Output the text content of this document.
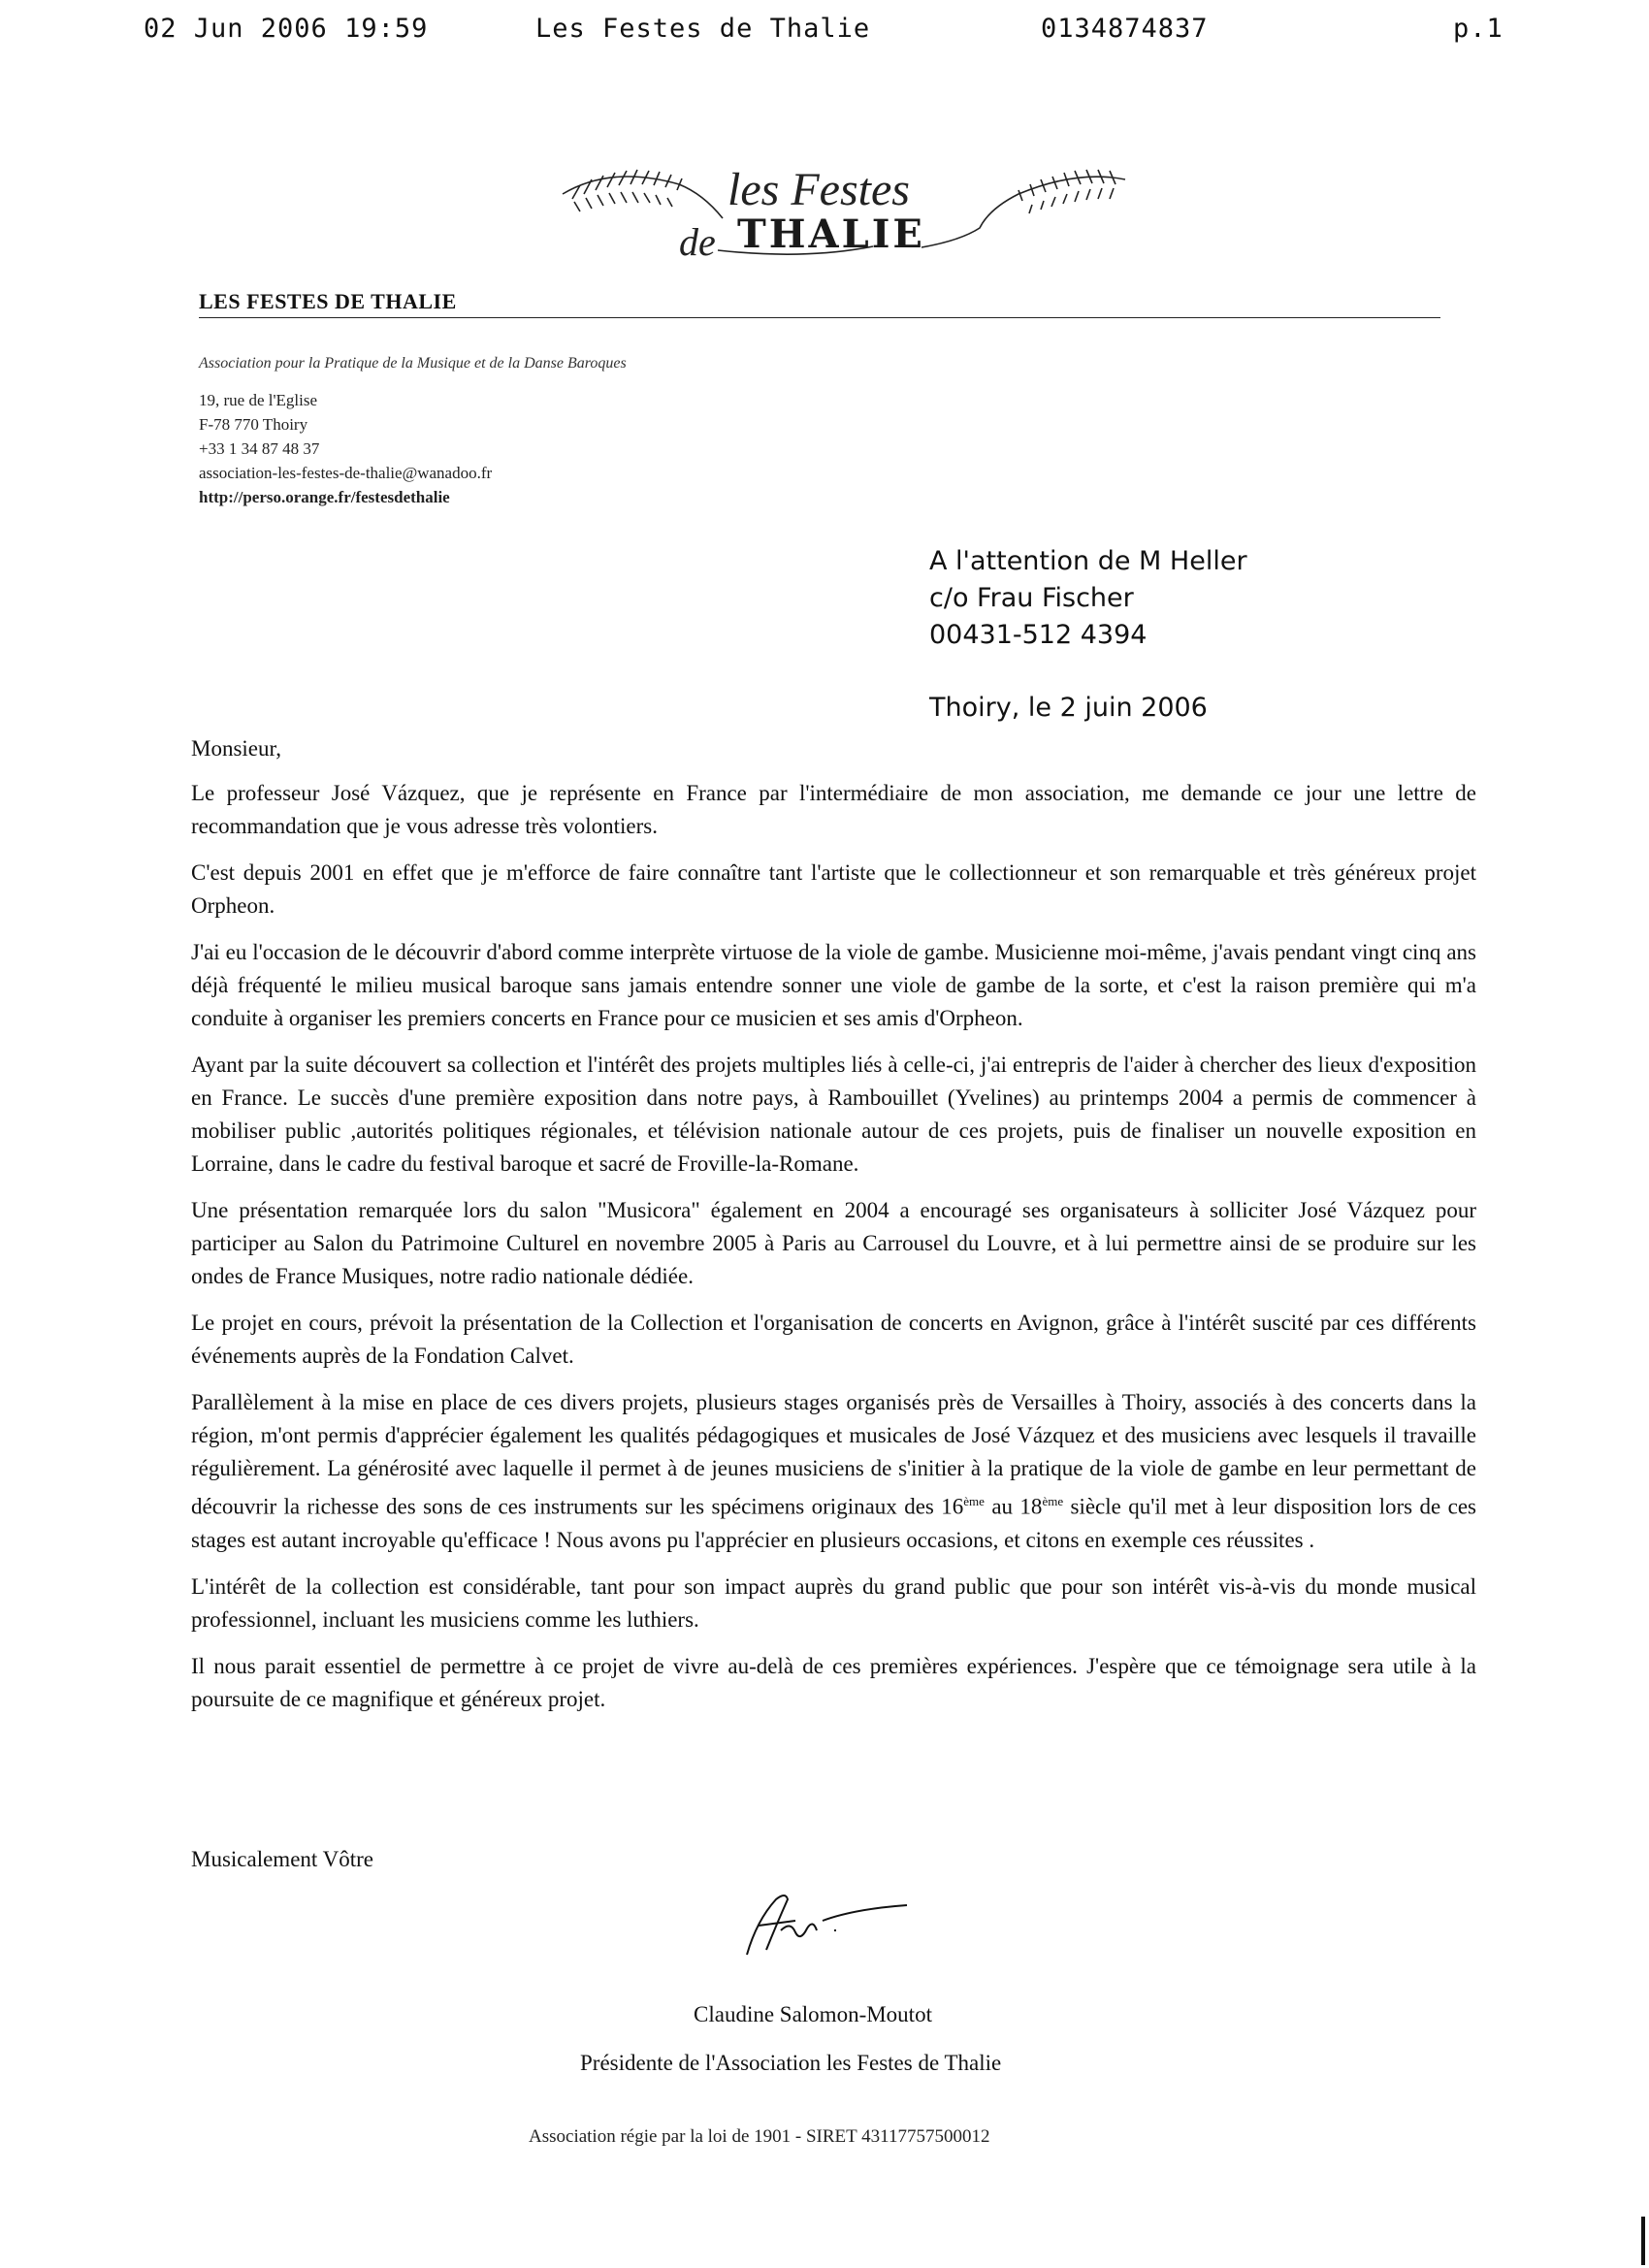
02 Jun 2006 19:59	Les Festes de Thalie	0134874837	p.1
les Festes
de THALIE
LES FESTES DE THALIE
Association pour la Pratique de la Musique et de la Danse Baroques
19, rue de l'Eglise
F-78 770 Thoiry
+33 1 34 87 48 37
association-les-festes-de-thalie@wanadoo.fr
http://perso.orange.fr/festesdethalie
A l'attention de M Heller
c/o Frau Fischer
00431-512 4394
Thoiry, le 2 juin 2006

Monsieur,

Le professeur José Vázquez, que je représente en France par l'intermédiaire de mon association, me demande ce jour une lettre de recommandation que je vous adresse très volontiers.

C'est depuis 2001 en effet que je m'efforce de faire connaître tant l'artiste que le collectionneur et son remarquable et très généreux projet Orpheon.

J'ai eu l'occasion de le découvrir d'abord comme interprète virtuose de la viole de gambe. Musicienne moi-même, j'avais pendant vingt cinq ans déjà fréquenté le milieu musical baroque sans jamais entendre sonner une viole de gambe de la sorte, et c'est la raison première qui m'a conduite à organiser les premiers concerts en France pour ce musicien et ses amis d'Orpheon.

Ayant par la suite découvert sa collection et l'intérêt des projets multiples liés à celle-ci, j'ai entrepris de l'aider à chercher des lieux d'exposition en France. Le succès d'une première exposition dans notre pays, à Rambouillet (Yvelines) au printemps 2004 a permis de commencer à mobiliser public ,autorités politiques régionales, et télévision nationale autour de ces projets, puis de finaliser un nouvelle exposition en Lorraine, dans le cadre du festival baroque et sacré de Froville-la-Romane.

Une présentation remarquée lors du salon "Musicora" également en 2004 a encouragé ses organisateurs à solliciter José Vázquez pour participer au Salon du Patrimoine Culturel en novembre 2005 à Paris au Carrousel du Louvre, et à lui permettre ainsi de se produire sur les ondes de France Musiques, notre radio nationale dédiée.

Le projet en cours, prévoit la présentation de la Collection et l'organisation de concerts en Avignon, grâce à l'intérêt suscité par ces différents événements auprès de la Fondation Calvet.

Parallèlement à la mise en place de ces divers projets, plusieurs stages organisés près de Versailles à Thoiry, associés à des concerts dans la région, m'ont permis d'apprécier également les qualités pédagogiques et musicales de José Vázquez et des musiciens avec lesquels il travaille régulièrement. La générosité avec laquelle il permet à de jeunes musiciens de s'initier à la pratique de la viole de gambe en leur permettant de découvrir la richesse des sons de ces instruments sur les spécimens originaux des 16ème au 18ème siècle qu'il met à leur disposition lors de ces stages est autant incroyable qu'efficace ! Nous avons pu l'apprécier en plusieurs occasions, et citons en exemple ces réussites .

L'intérêt de la collection est considérable, tant pour son impact auprès du grand public que pour son intérêt vis-à-vis du monde musical professionnel, incluant les musiciens comme les luthiers.

Il nous parait essentiel de permettre à ce projet de vivre au-delà de ces premières expériences. J'espère que ce témoignage sera utile à la poursuite de ce magnifique et généreux projet.

Musicalement Vôtre
Claudine Salomon-Moutot
Présidente de l'Association les Festes de Thalie
Association régie par la loi de 1901 - SIRET 43117757500012
